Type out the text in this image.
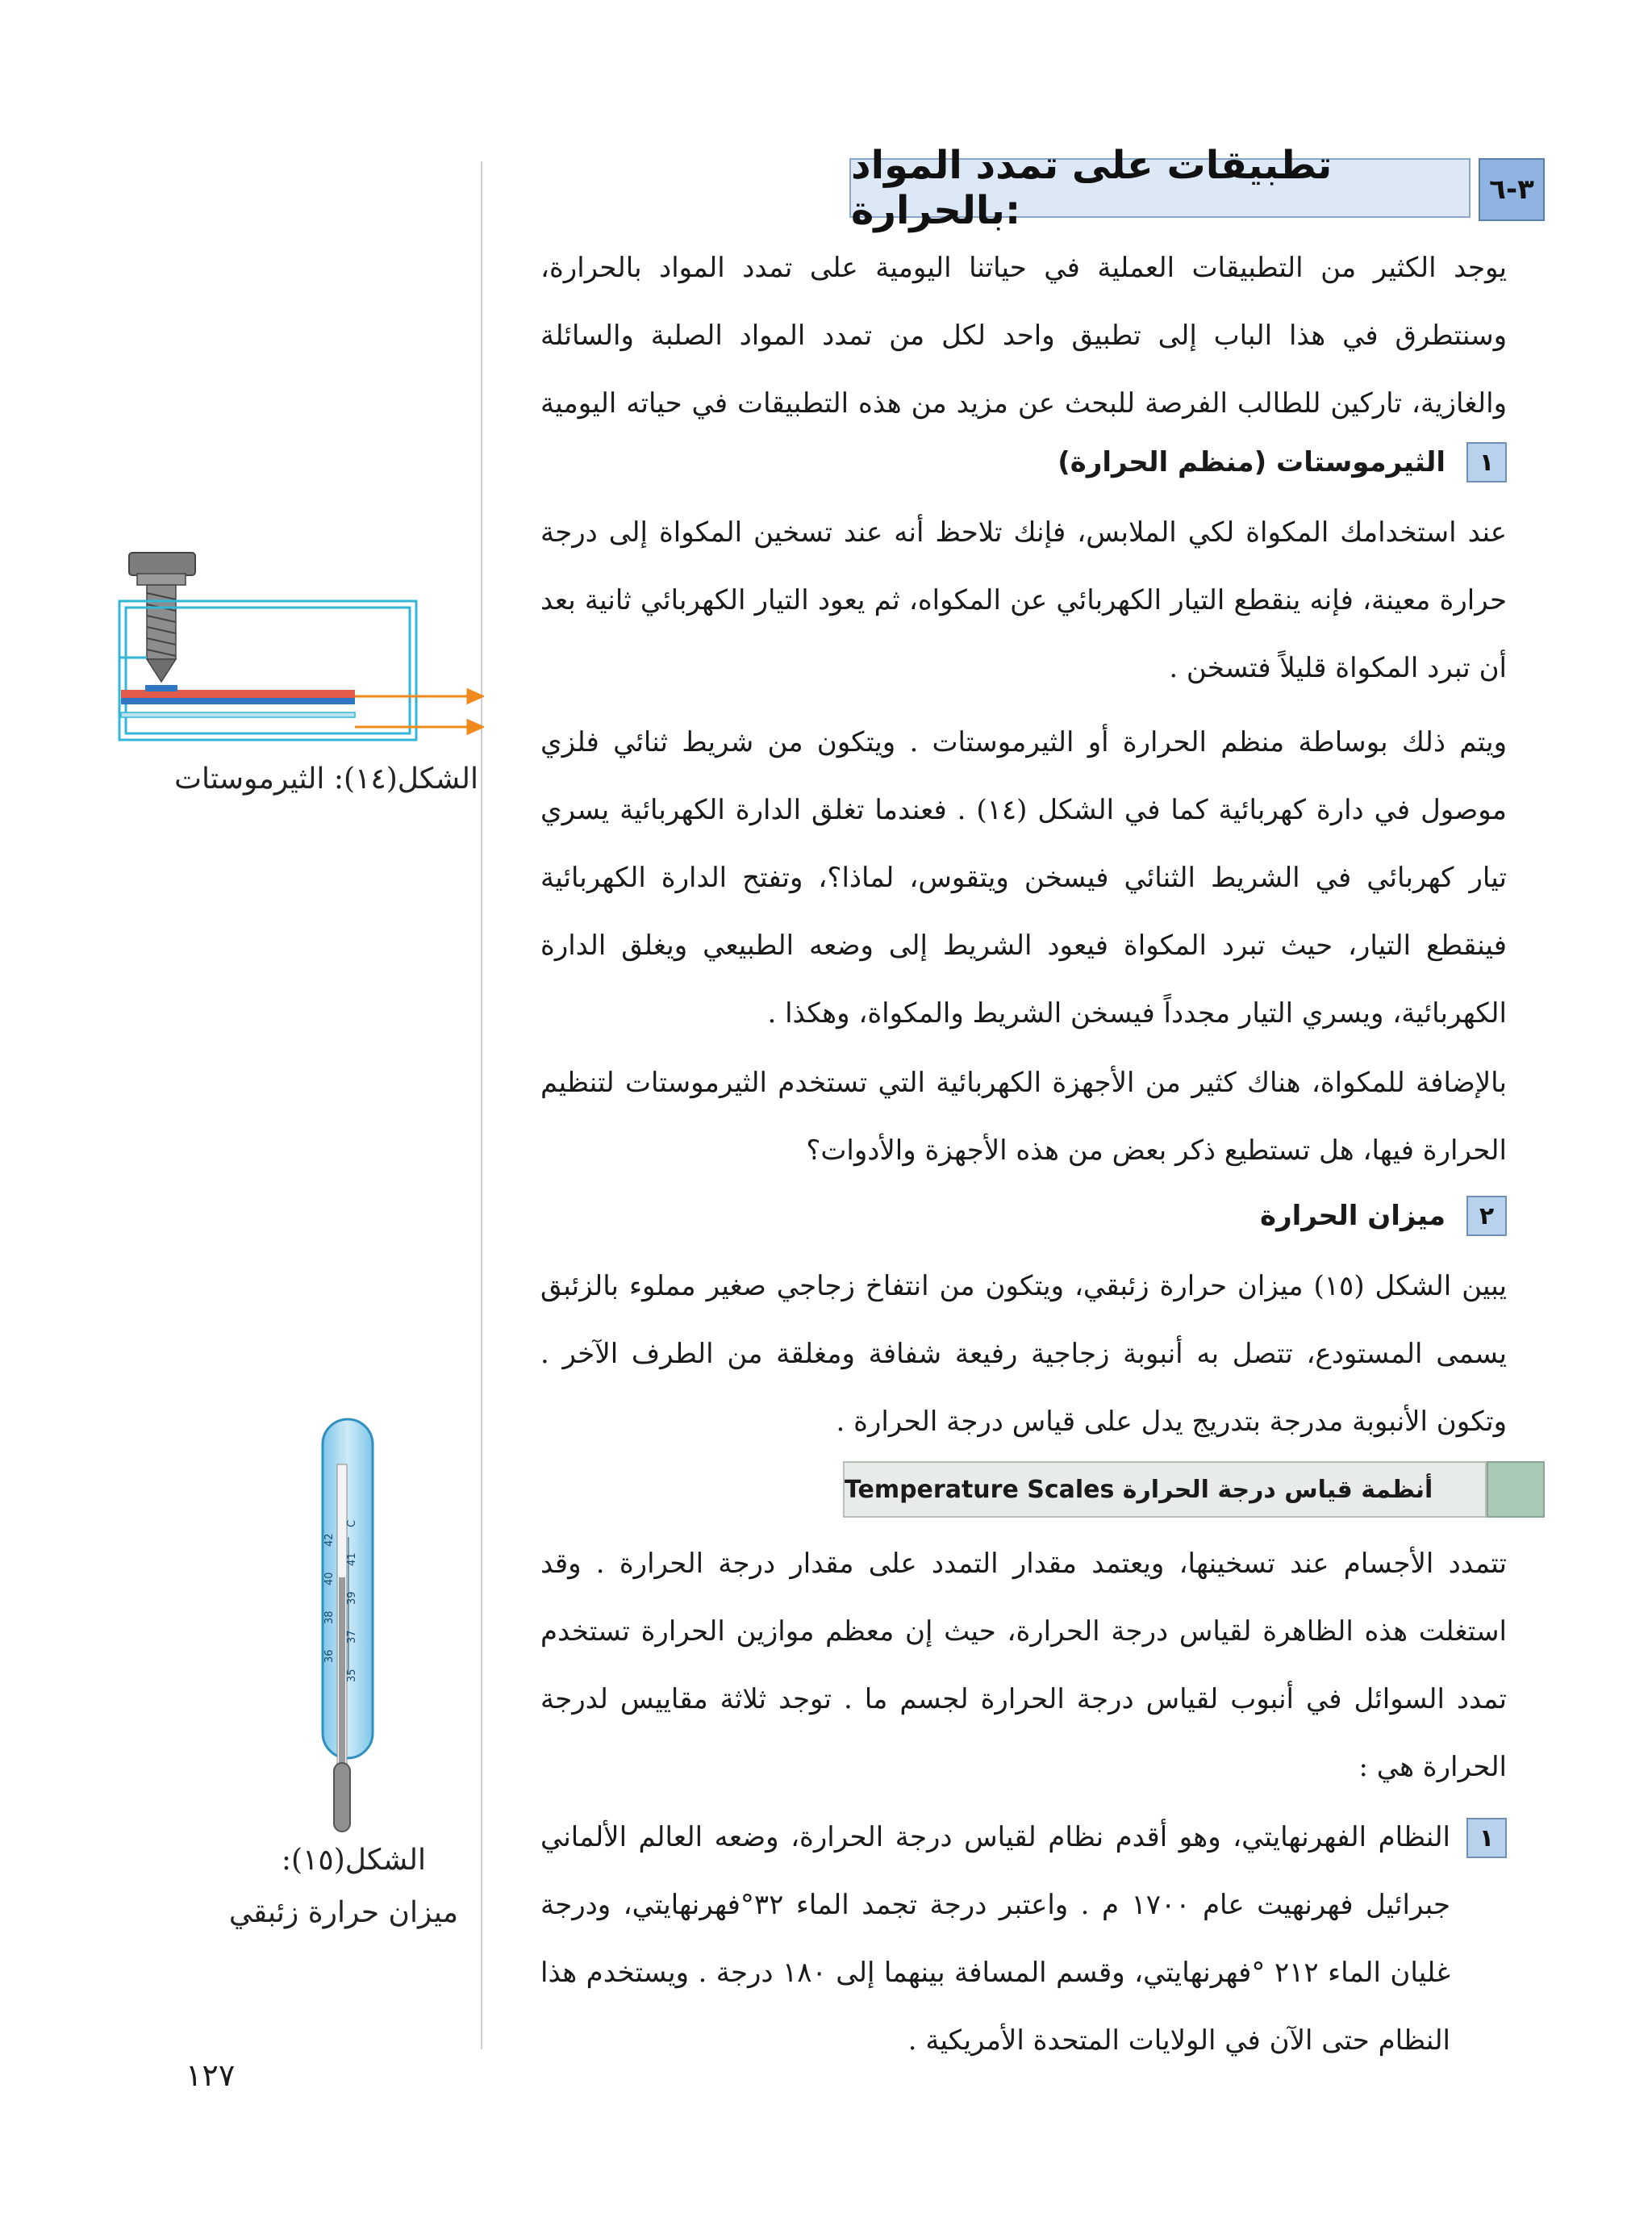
٣-٦
تطبيقات على تمدد المواد بالحرارة:

يوجد الكثير من التطبيقات العملية في حياتنا اليومية على تمدد المواد بالحرارة، وسنتطرق في هذا الباب إلى تطبيق واحد لكل من تمدد المواد الصلبة والسائلة والغازية، تاركين للطالب الفرصة للبحث عن مزيد من هذه التطبيقات في حياته اليومية

١
الثيرموستات (منظم الحرارة)

عند استخدامك المكواة لكي الملابس، فإنك تلاحظ أنه عند تسخين المكواة إلى درجة حرارة معينة، فإنه ينقطع التيار الكهربائي عن المكواه، ثم يعود التيار الكهربائي ثانية بعد أن تبرد المكواة قليلاً فتسخن .

ويتم ذلك بوساطة منظم الحرارة أو الثيرموستات . ويتكون من شريط ثنائي فلزي موصول في دارة كهربائية كما في الشكل (١٤) . فعندما تغلق الدارة الكهربائية يسري تيار كهربائي في الشريط الثنائي فيسخن ويتقوس، لماذا؟، وتفتح الدارة الكهربائية فينقطع التيار، حيث تبرد المكواة فيعود الشريط إلى وضعه الطبيعي ويغلق الدارة الكهربائية، ويسري التيار مجدداً فيسخن الشريط والمكواة، وهكذا .

بالإضافة للمكواة، هناك كثير من الأجهزة الكهربائية التي تستخدم الثيرموستات لتنظيم الحرارة فيها، هل تستطيع ذكر بعض من هذه الأجهزة والأدوات؟

٢
ميزان الحرارة

يبين الشكل (١٥) ميزان حرارة زئبقي، ويتكون من انتفاخ زجاجي صغير مملوء بالزئبق يسمى المستودع، تتصل به أنبوبة زجاجية رفيعة شفافة ومغلقة من الطرف الآخر . وتكون الأنبوبة مدرجة بتدريج يدل على قياس درجة الحرارة .

أنظمة قياس درجة الحرارة Temperature Scales

تتمدد الأجسام عند تسخينها، ويعتمد مقدار التمدد على مقدار درجة الحرارة . وقد استغلت هذه الظاهرة لقياس درجة الحرارة، حيث إن معظم موازين الحرارة تستخدم تمدد السوائل في أنبوب لقياس درجة الحرارة لجسم ما . توجد ثلاثة مقاييس لدرجة الحرارة هي :

١

النظام الفهرنهايتي، وهو أقدم نظام لقياس درجة الحرارة، وضعه العالم الألماني جبرائيل فهرنهيت عام ١٧٠٠ م . واعتبر درجة تجمد الماء ٣٢°فهرنهايتي، ودرجة غليان الماء ٢١٢ °فهرنهايتي، وقسم المسافة بينهما إلى ١٨٠ درجة . ويستخدم هذا النظام حتى الآن في الولايات المتحدة الأمريكية .

الشكل(١٤): الثيرموستات
35
36
37
38
39
40
41
42
C
الشكل(١٥):
ميزان حرارة زئبقي
١٢٧
